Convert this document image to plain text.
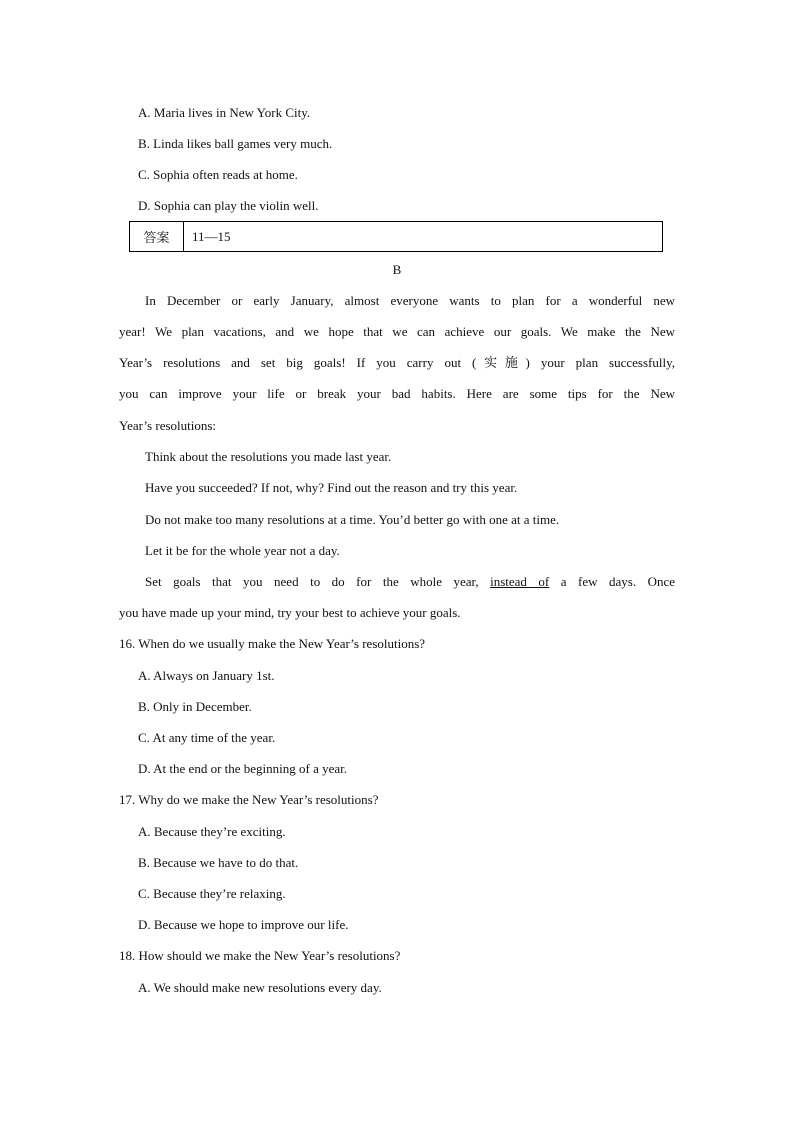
A. Maria lives in New York City.
B. Linda likes ball games very much.
C. Sophia often reads at home.
D. Sophia can play the violin well.
答案	11—15
B
In December or early January, almost everyone wants to plan for a wonderful new
year! We plan vacations, and we hope that we can achieve our goals. We make the New
Year’s resolutions and set big goals! If you carry out (实施) your plan successfully,
you can improve your life or break your bad habits. Here are some tips for the New
Year’s resolutions:
Think about the resolutions you made last year.
Have you succeeded? If not, why? Find out the reason and try this year.
Do not make too many resolutions at a time. You’d better go with one at a time.
Let it be for the whole year not a day.
Set goals that you need to do for the whole year, instead of a few days. Once
you have made up your mind, try your best to achieve your goals.
16. When do we usually make the New Year’s resolutions?
A. Always on January 1st.
B. Only in December.
C. At any time of the year.
D. At the end or the beginning of a year.
17. Why do we make the New Year’s resolutions?
A. Because they’re exciting.
B. Because we have to do that.
C. Because they’re relaxing.
D. Because we hope to improve our life.
18. How should we make the New Year’s resolutions?
A. We should make new resolutions every day.
